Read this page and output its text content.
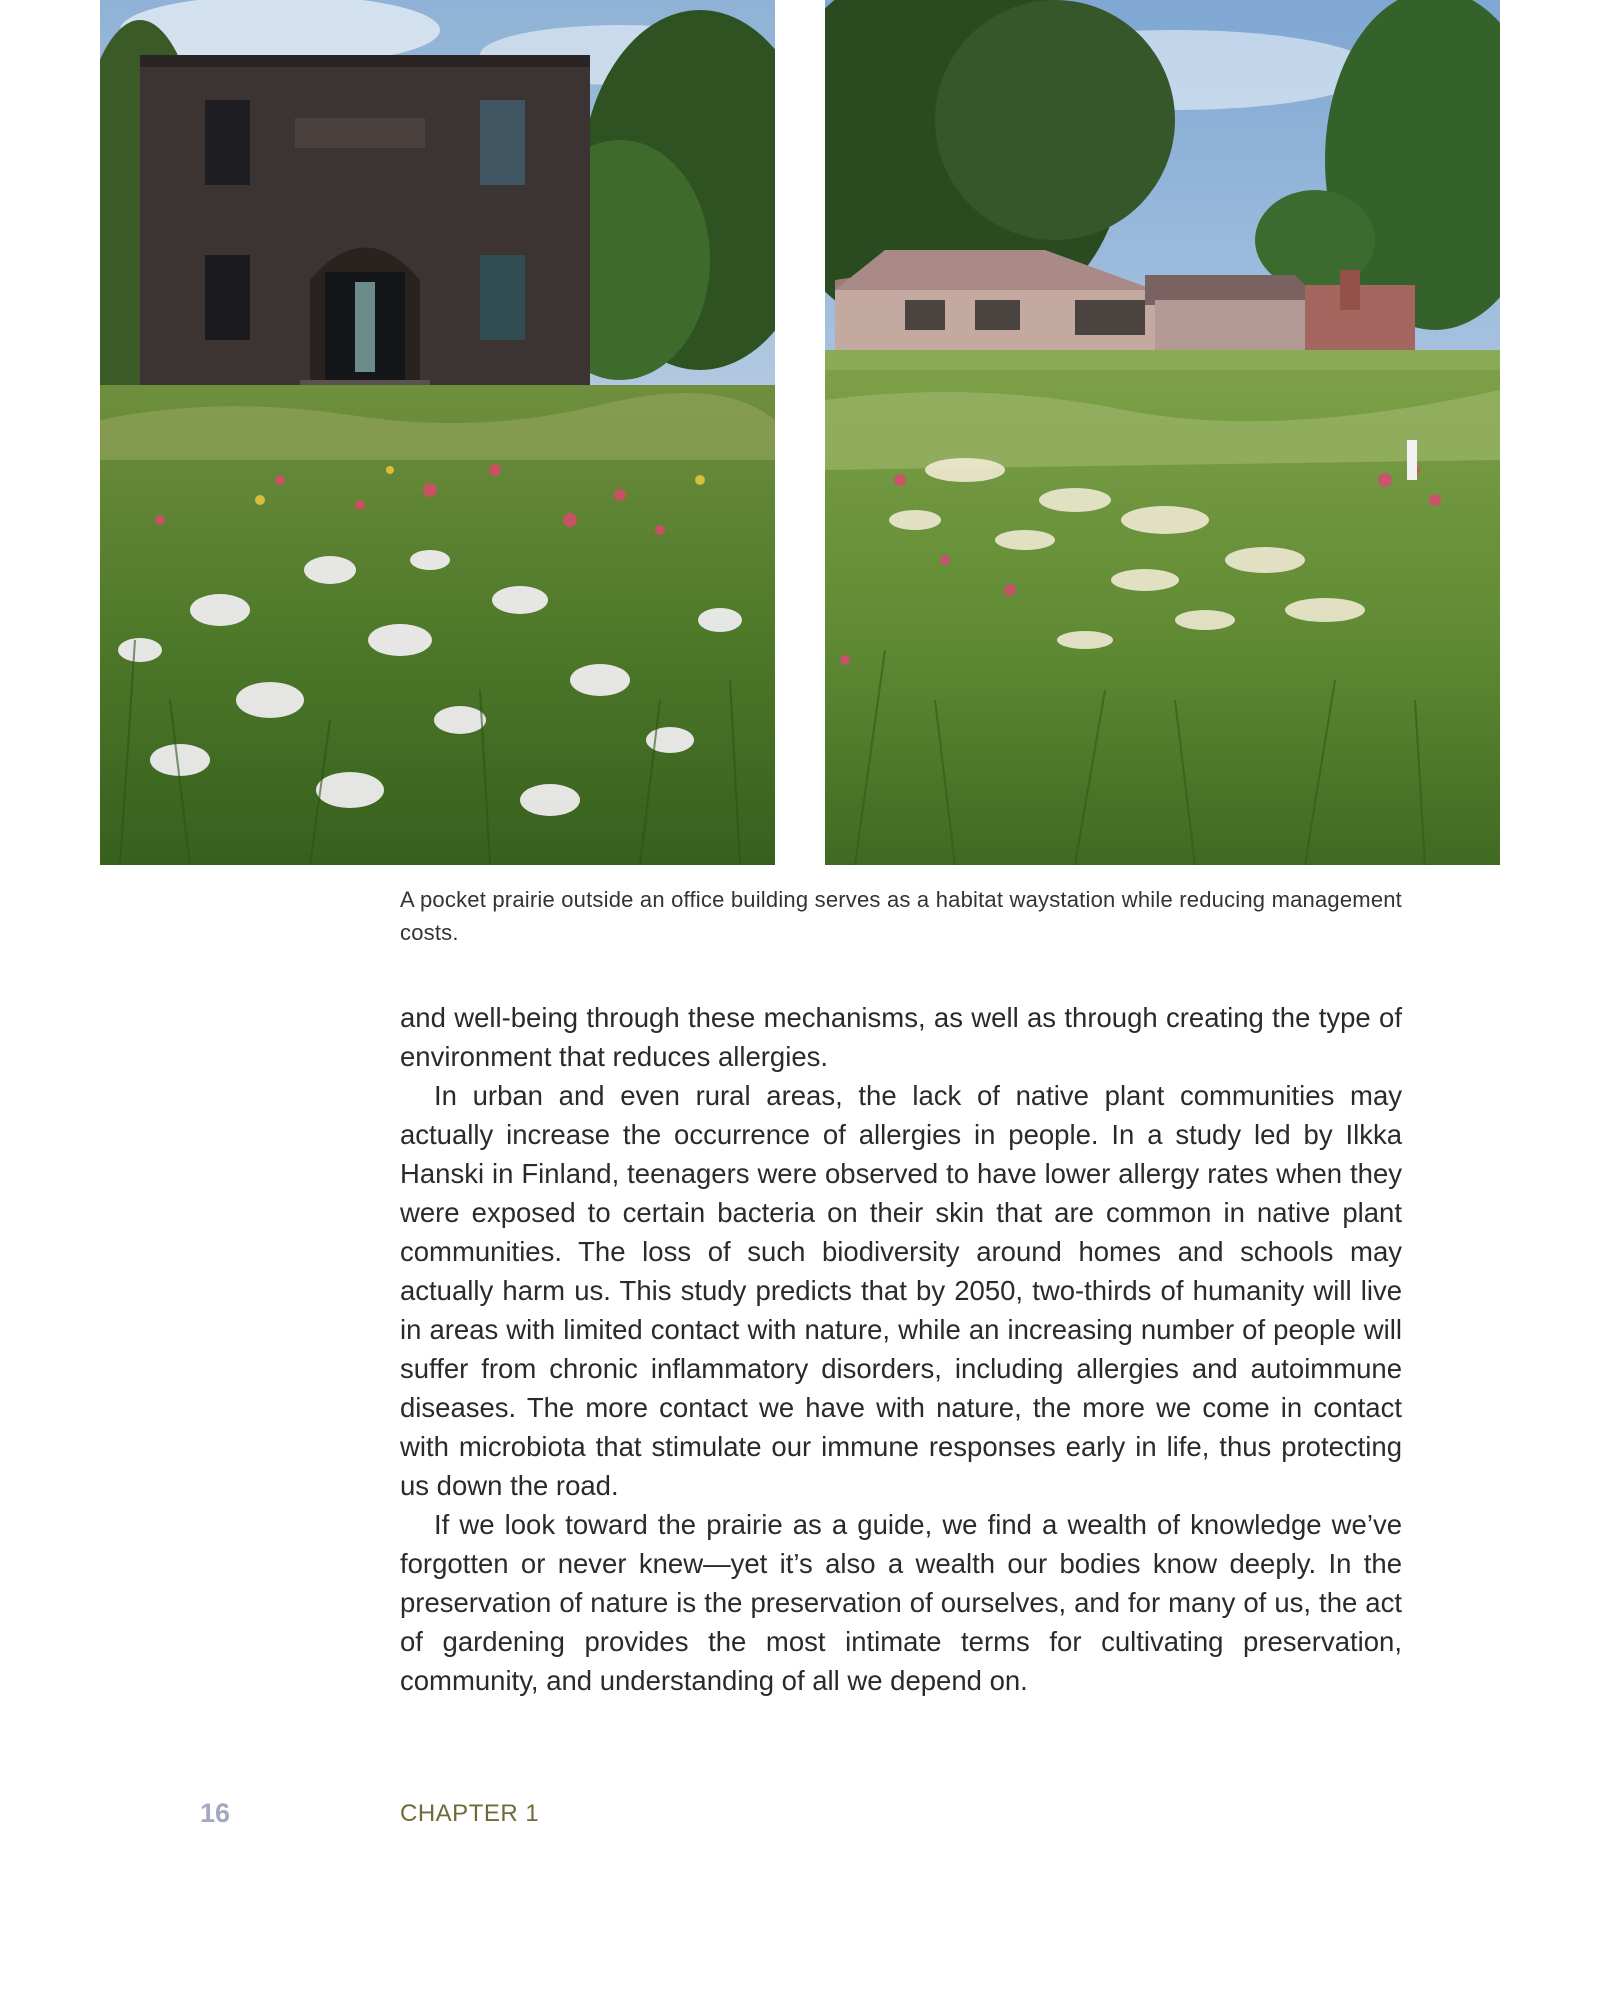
A pocket prairie outside an office building serves as a habitat waystation while reducing management costs.

and well-being through these mechanisms, as well as through creating the type of environment that reduces allergies.

In urban and even rural areas, the lack of native plant communities may actually increase the occurrence of allergies in people. In a study led by Ilkka Hanski in Finland, teenagers were observed to have lower allergy rates when they were exposed to certain bacteria on their skin that are common in native plant communities. The loss of such biodiversity around homes and schools may actually harm us. This study predicts that by 2050, two-thirds of humanity will live in areas with limited contact with nature, while an increasing number of people will suffer from chronic inflammatory disorders, including allergies and autoimmune diseases. The more contact we have with nature, the more we come in contact with microbiota that stimulate our immune responses early in life, thus protecting us down the road.

If we look toward the prairie as a guide, we find a wealth of knowledge we’ve forgotten or never knew—yet it’s also a wealth our bodies know deeply. In the preservation of nature is the preservation of ourselves, and for many of us, the act of gardening provides the most intimate terms for cultivating preservation, community, and understanding of all we depend on.

16	CHAPTER 1
